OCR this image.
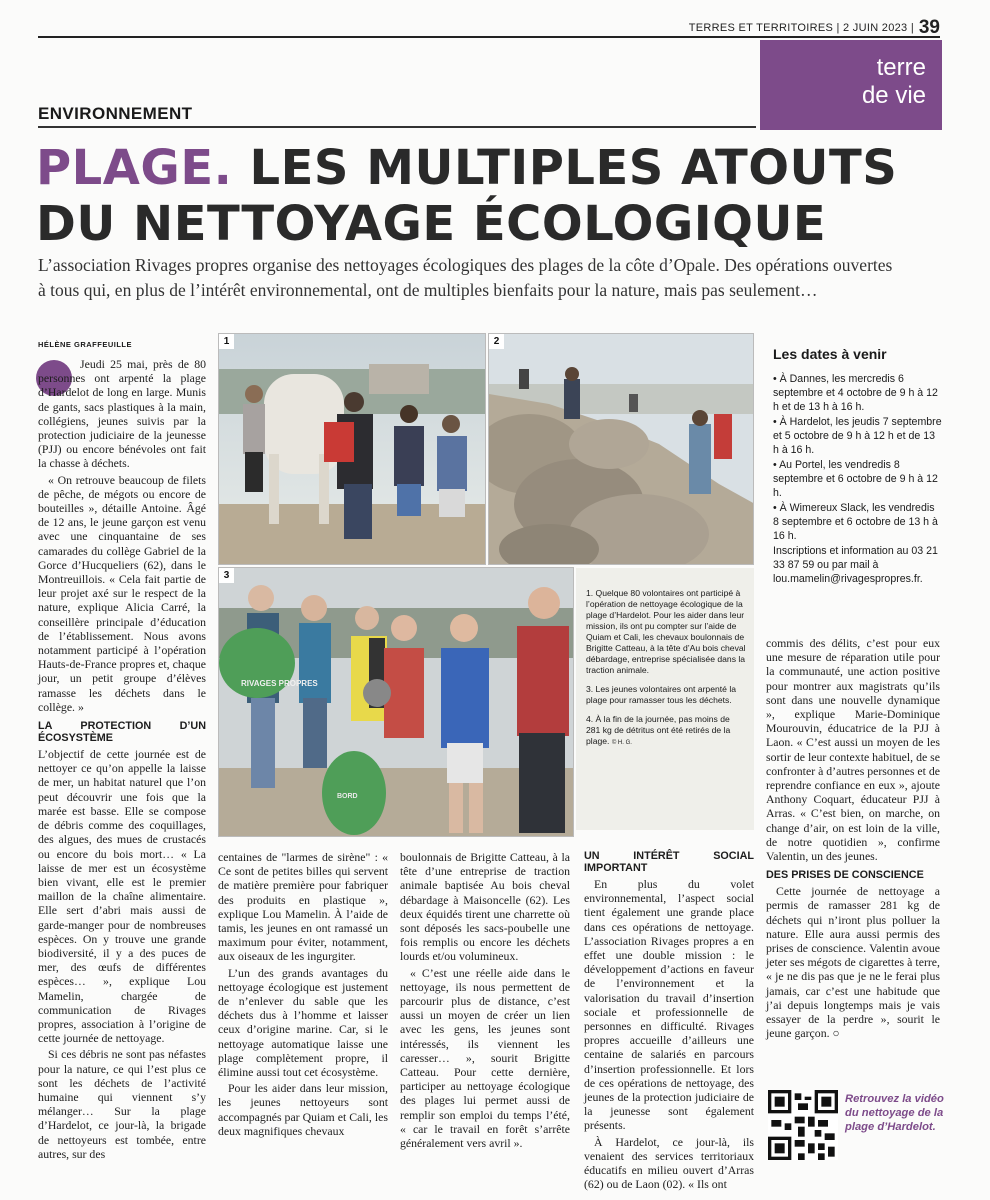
TERRES ET TERRITOIRES | 2 JUIN 2023 | 39
terre
de vie
ENVIRONNEMENT
PLAGE. LES MULTIPLES ATOUTS
DU NETTOYAGE ÉCOLOGIQUE
L’association Rivages propres organise des nettoyages écologiques des plages de la côte d’Opale. Des opérations ouvertes à tous qui, en plus de l’intérêt environnemental, ont de multiples bienfaits pour la nature, mais pas seulement…
HÉLÈNE GRAFFEUILLE

Jeudi 25 mai, près de 80 personnes ont arpenté la plage d’Hardelot de long en large. Munis de gants, sacs plastiques à la main, collégiens, jeunes suivis par la protection judiciaire de la jeunesse (PJJ) ou encore bénévoles ont fait la chasse à déchets.

« On retrouve beaucoup de filets de pêche, de mégots ou encore de bouteilles », détaille Antoine. Âgé de 12 ans, le jeune garçon est venu avec une cinquantaine de ses camarades du collège Gabriel de la Gorce d’Hucqueliers (62), dans le Montreuillois. « Cela fait partie de leur projet axé sur le respect de la nature, explique Alicia Carré, la conseillère principale d’éducation de l’établissement. Nous avons notamment participé à l’opération Hauts-de-France propres et, chaque jour, un petit groupe d’élèves ramasse les déchets dans le collège. »

LA PROTECTION D’UN ÉCOSYSTÈME

L’objectif de cette journée est de nettoyer ce qu’on appelle la laisse de mer, un habitat naturel que l’on peut découvrir une fois que la marée est basse. Elle se compose de débris comme des coquillages, des algues, des mues de crustacés ou encore du bois mort… « La laisse de mer est un écosystème bien vivant, elle est le premier maillon de la chaîne alimentaire. Elle sert d’abri mais aussi de garde-manger pour de nombreuses espèces. On y trouve une grande biodiversité, il y a des puces de mer, des œufs de différentes espèces… », explique Lou Mamelin, chargée de communication de Rivages propres, association à l’origine de cette journée de nettoyage.

Si ces débris ne sont pas néfastes pour la nature, ce qui l’est plus ce sont les déchets de l’activité humaine qui viennent s’y mélanger… Sur la plage d’Hardelot, ce jour-là, la brigade de nettoyeurs est tombée, entre autres, sur des

1	2
RIVAGES PROPRES
BORD
3

1. Quelque 80 volontaires ont participé à l’opération de nettoyage écologique de la plage d’Hardelot. Pour les aider dans leur mission, ils ont pu compter sur l’aide de Quiam et Cali, les chevaux boulonnais de Brigitte Catteau, à la tête d’Au bois cheval débardage, entreprise spécialisée dans la traction animale.

3. Les jeunes volontaires ont arpenté la plage pour ramasser tous les déchets.

4. À la fin de la journée, pas moins de 281 kg de détritus ont été retirés de la plage. © H. G.

centaines de "larmes de sirène" : « Ce sont de petites billes qui servent de matière première pour fabriquer des produits en plastique », explique Lou Mamelin. À l’aide de tamis, les jeunes en ont ramassé un maximum pour éviter, notamment, aux oiseaux de les ingurgiter.

L’un des grands avantages du nettoyage écologique est justement de n’enlever du sable que les déchets dus à l’homme et laisser ceux d’origine marine. Car, si le nettoyage automatique laisse une plage complètement propre, il élimine aussi tout cet écosystème.

Pour les aider dans leur mission, les jeunes nettoyeurs sont accompagnés par Quiam et Cali, les deux magnifiques chevaux

boulonnais de Brigitte Catteau, à la tête d’une entreprise de traction animale baptisée Au bois cheval débardage à Maisoncelle (62). Les deux équidés tirent une charrette où sont déposés les sacs-poubelle une fois remplis ou encore les déchets lourds et/ou volumineux.

« C’est une réelle aide dans le nettoyage, ils nous permettent de parcourir plus de distance, c’est aussi un moyen de créer un lien avec les gens, les jeunes sont intéressés, ils viennent les caresser… », sourit Brigitte Catteau. Pour cette dernière, participer au nettoyage écologique des plages lui permet aussi de remplir son emploi du temps l’été, « car le travail en forêt s’arrête généralement vers avril ».

UN INTÉRÊT SOCIAL IMPORTANT

En plus du volet environnemental, l’aspect social tient également une grande place dans ces opérations de nettoyage. L’association Rivages propres a en effet une double mission : le développement d’actions en faveur de l’environnement et la valorisation du travail d’insertion sociale et professionnelle de personnes en difficulté. Rivages propres accueille d’ailleurs une centaine de salariés en parcours d’insertion professionnelle. Et lors de ces opérations de nettoyage, des jeunes de la protection judiciaire de la jeunesse sont également présents.

À Hardelot, ce jour-là, ils venaient des services territoriaux éducatifs en milieu ouvert d’Arras (62) ou de Laon (02). « Ils ont

Les dates à venir
• À Dannes, les mercredis 6 septembre et 4 octobre de 9 h à 12 h et de 13 h à 16 h.
• À Hardelot, les jeudis 7 septembre et 5 octobre de 9 h à 12 h et de 13 h à 16 h.
• Au Portel, les vendredis 8 septembre et 6 octobre de 9 h à 12 h.
• À Wimereux Slack, les vendredis 8 septembre et 6 octobre de 13 h à 16 h.
Inscriptions et information au 03 21 33 87 59 ou par mail à lou.mamelin@rivagespropres.fr.

commis des délits, c’est pour eux une mesure de réparation utile pour la communauté, une action positive pour montrer aux magistrats qu’ils sont dans une nouvelle dynamique », explique Marie-Dominique Mourouvin, éducatrice de la PJJ à Laon. « C’est aussi un moyen de les sortir de leur contexte habituel, de se confronter à d’autres personnes et de reprendre confiance en eux », ajoute Anthony Coquart, éducateur PJJ à Arras. « C’est bien, on marche, on change d’air, on est loin de la ville, de notre quotidien », confirme Valentin, un des jeunes.

DES PRISES DE CONSCIENCE

Cette journée de nettoyage a permis de ramasser 281 kg de déchets qui n’iront plus polluer la nature. Elle aura aussi permis des prises de conscience. Valentin avoue jeter ses mégots de cigarettes à terre, « je ne dis pas que je ne le ferai plus jamais, car c’est une habitude que j’ai depuis longtemps mais je vais essayer de la perdre », sourit le jeune garçon. ○

Retrouvez la vidéo du nettoyage de la plage d’Hardelot.
